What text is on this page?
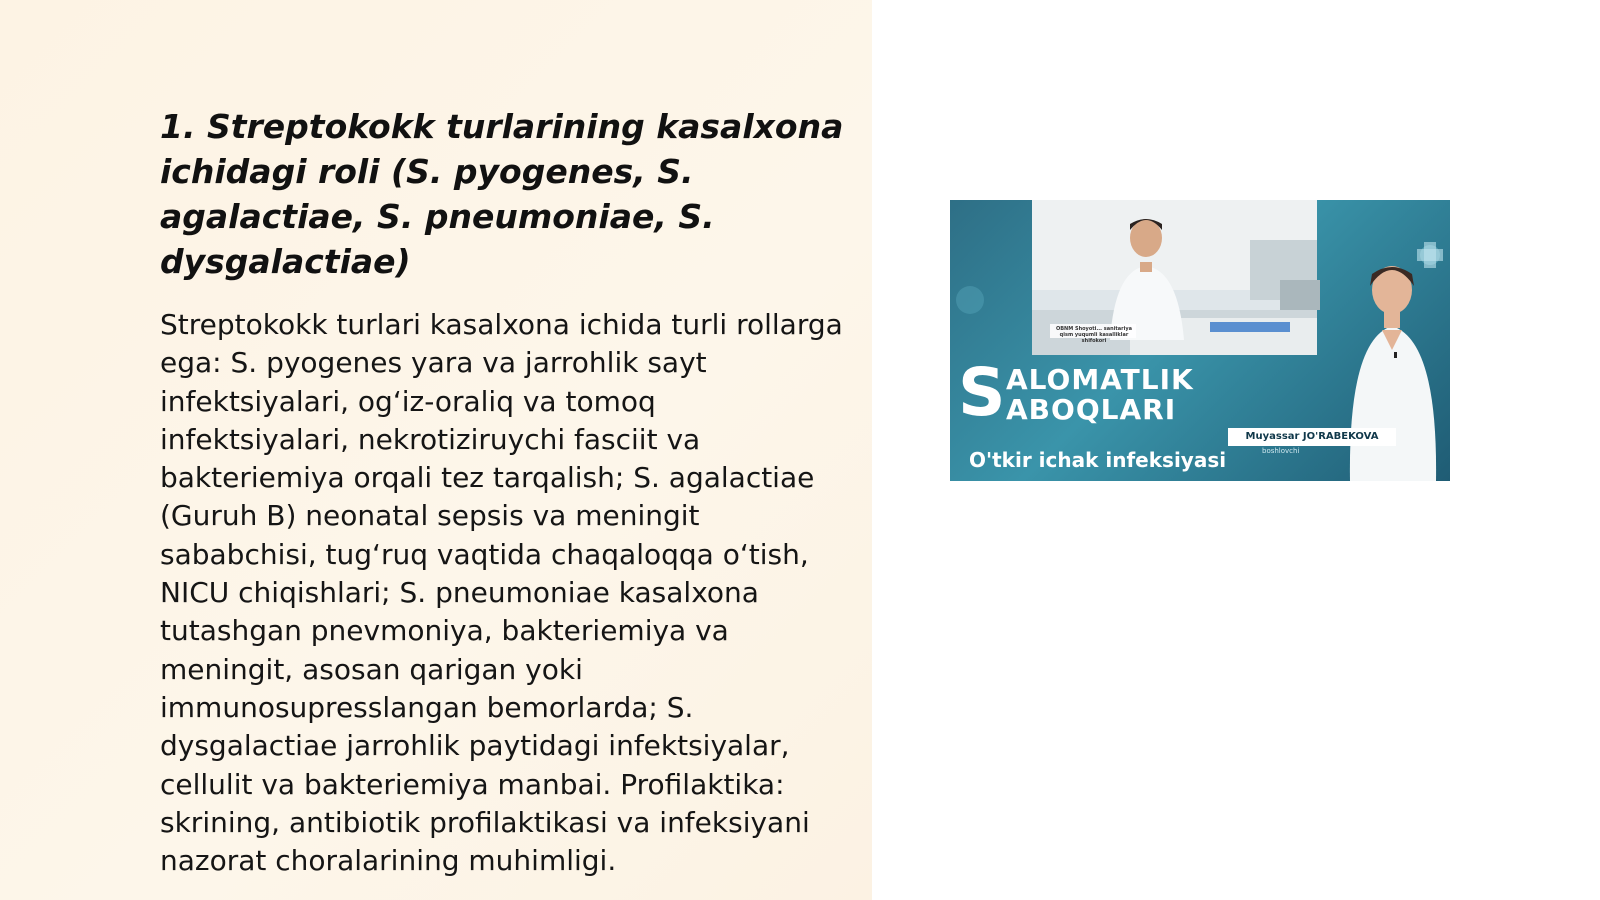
1. Streptokokk turlarining kasalxona ichidagi roli (S. pyogenes, S. agalactiae, S. pneumoniae, S. dysgalactiae)

Streptokokk turlari kasalxona ichida turli rollarga ega: S. pyogenes yara va jarrohlik sayt infektsiyalari, og‘iz-oraliq va tomoq infektsiyalari, nekrotiziruychi fasciit va bakteriemiya orqali tez tarqalish; S. agalactiae (Guruh B) neonatal sepsis va meningit sababchisi, tug‘ruq vaqtida chaqaloqqa o‘tish, NICU chiqishlari; S. pneumoniae kasalxona tutashgan pnevmoniya, bakteriemiya va meningit, asosan qarigan yoki immunosupresslangan bemorlarda; S. dysgalactiae jarrohlik paytidagi infektsiyalar, cellulit va bakteriemiya manbai. Profilaktika: skrining, antibiotik profilaktikasi va infeksiyani nazorat choralarining muhimligi.

OBNM Shoyoti... sanitariya qism yuqumli kasalliklar shifokori
S ALOMATLIK
ABOQLARI
Muyassar JO'RABEKOVA
boshlovchi
O'tkir ichak infeksiyasi
